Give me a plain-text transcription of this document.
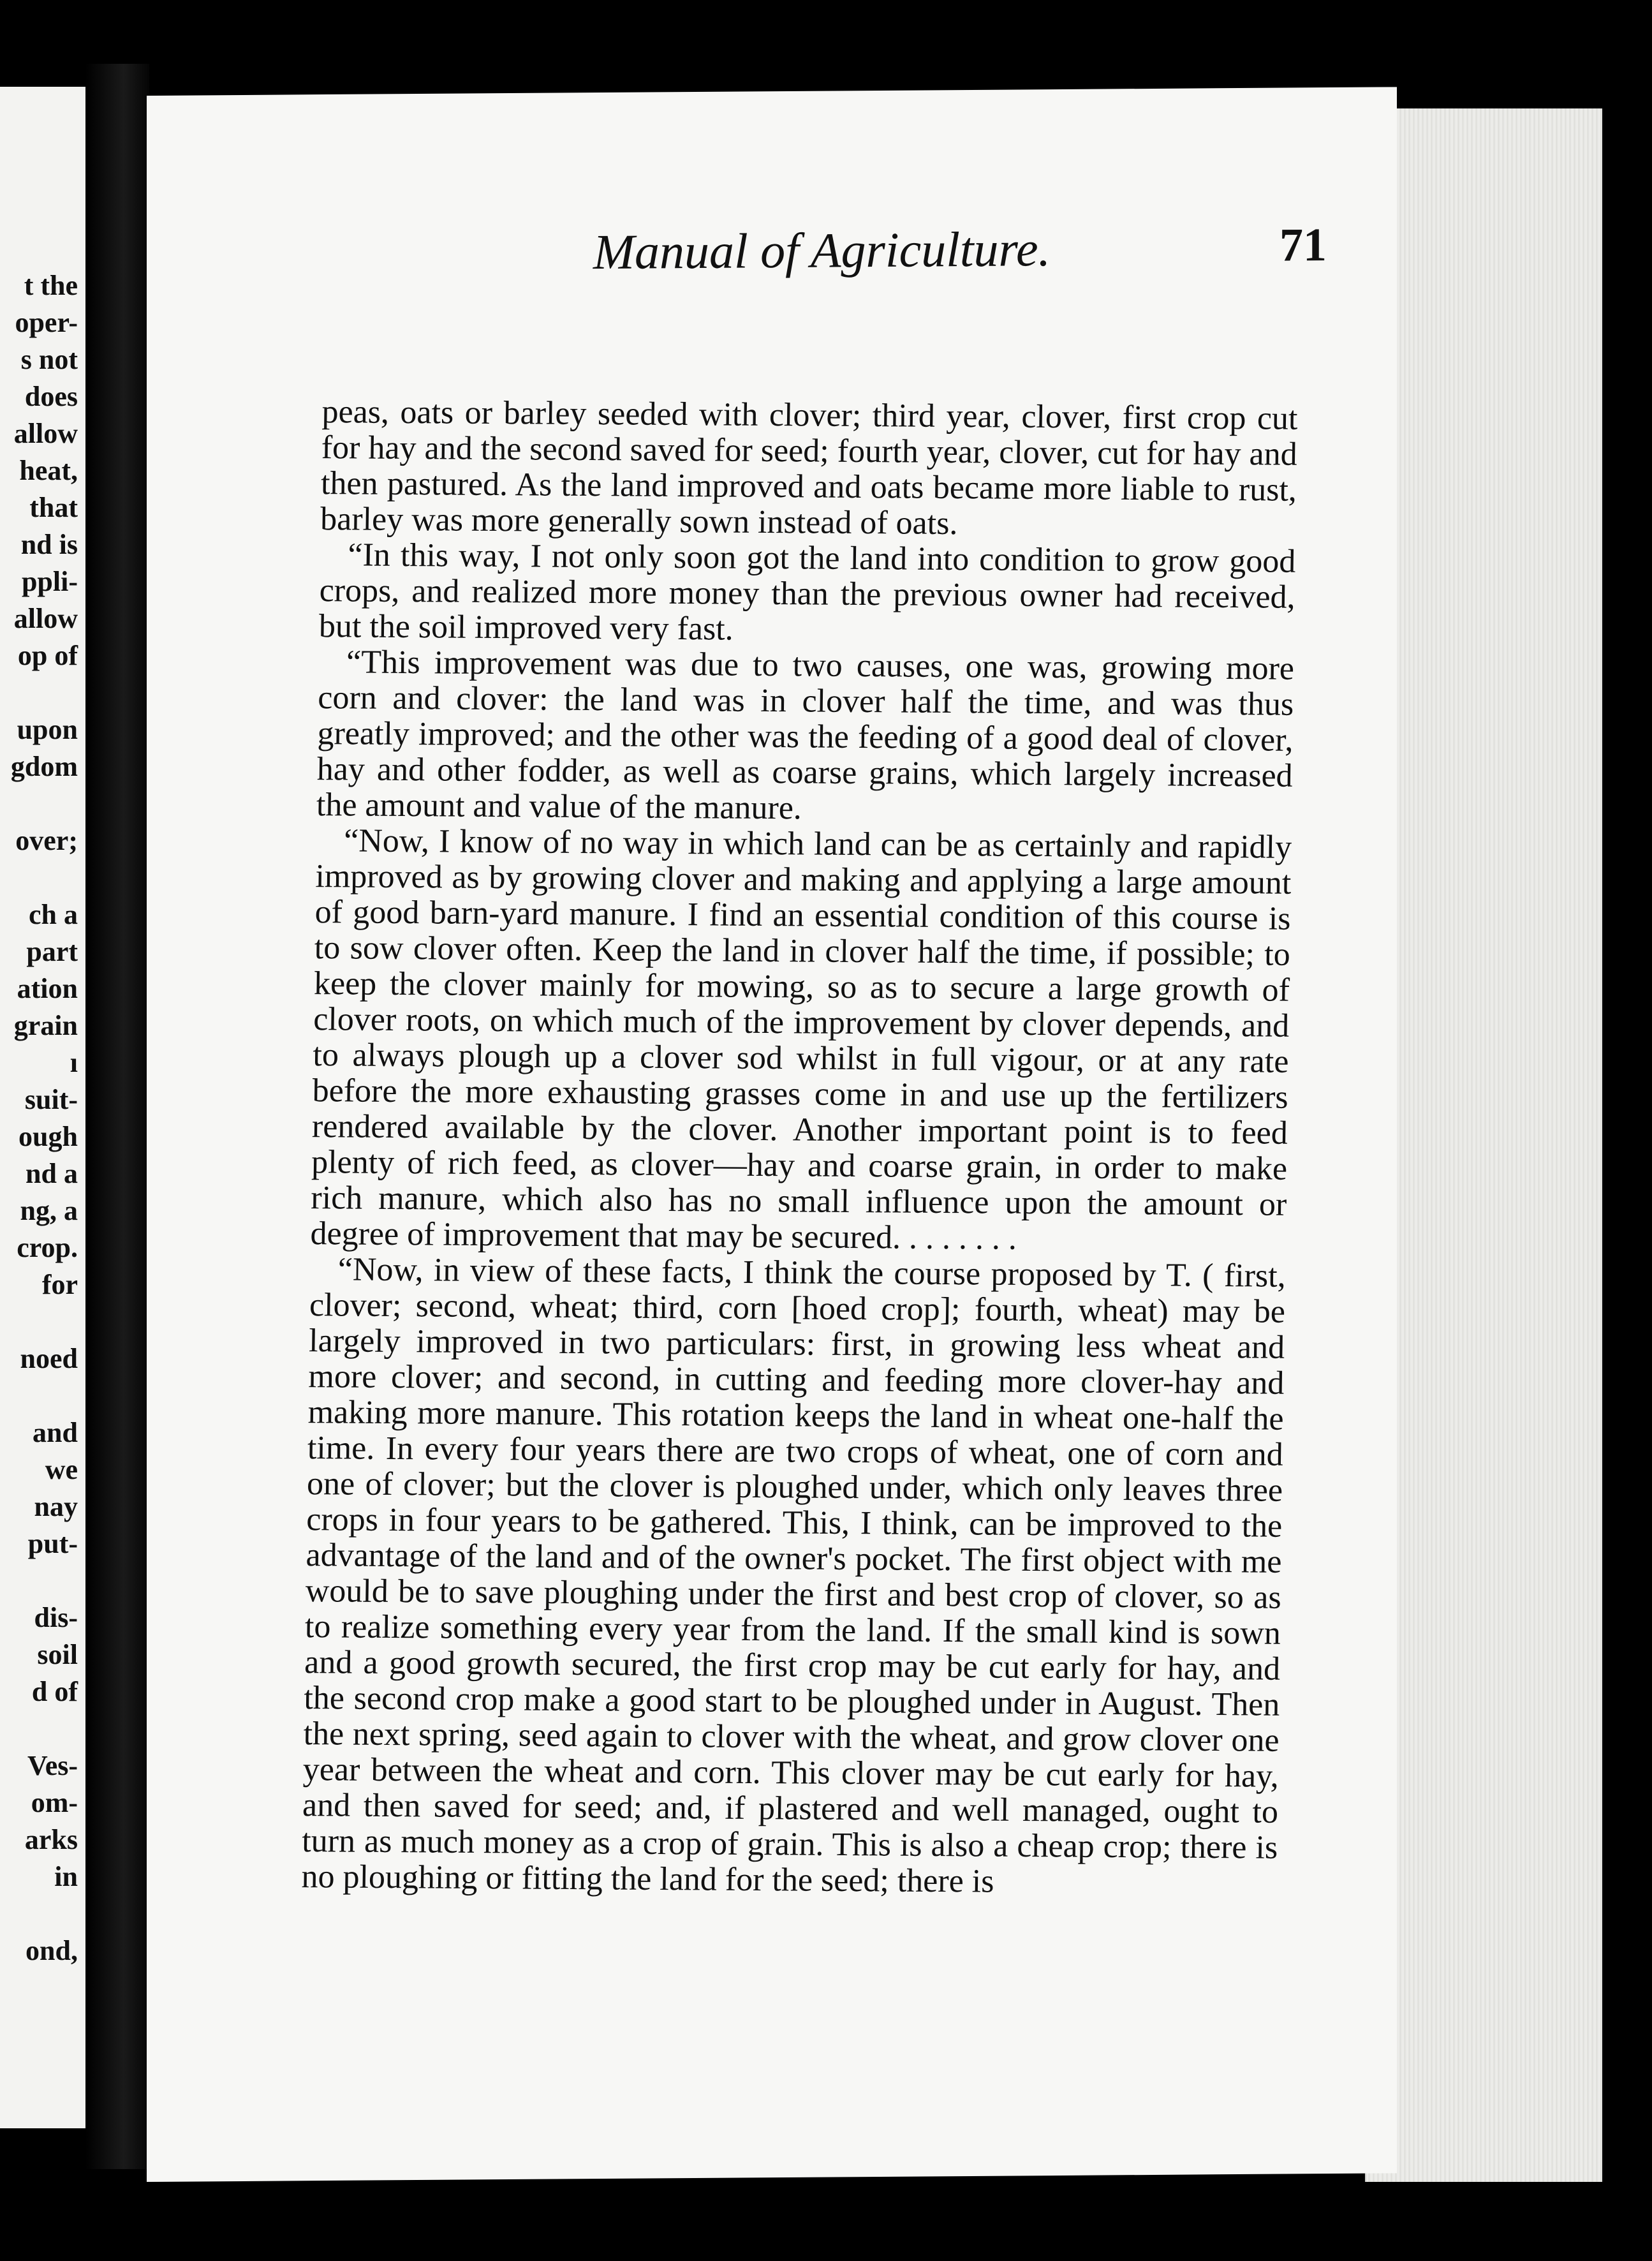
t the
oper-
s not
does
allow
heat,
that
nd is
ppli-
allow
op of
upon
gdom
over;
ch a
part
ation
grain
ı
suit-
ough
nd a
ng, a
crop.
for
noed
and
we
nay
put-
dis-
soil
d of
Ves-
om-
arks
in
ond,
Manual of Agriculture.	71

peas, oats or barley seeded with clover; third year, clover, first crop cut for hay and the second saved for seed; fourth year, clover, cut for hay and then pastured. As the land improved and oats became more liable to rust, barley was more generally sown instead of oats.

“In this way, I not only soon got the land into condition to grow good crops, and realized more money than the previous owner had received, but the soil improved very fast.

“This improvement was due to two causes, one was, growing more corn and clover: the land was in clover half the time, and was thus greatly improved; and the other was the feeding of a good deal of clover, hay and other fodder, as well as coarse grains, which largely increased the amount and value of the manure.

“Now, I know of no way in which land can be as certainly and rapidly improved as by growing clover and making and applying a large amount of good barn-yard manure. I find an essential condition of this course is to sow clover often. Keep the land in clover half the time, if possible; to keep the clover mainly for mowing, so as to secure a large growth of clover roots, on which much of the improvement by clover depends, and to always plough up a clover sod whilst in full vigour, or at any rate before the more exhausting grasses come in and use up the fertilizers rendered available by the clover. Another important point is to feed plenty of rich feed, as clover—hay and coarse grain, in order to make rich manure, which also has no small influence upon the amount or degree of improvement that may be secured. . . . . . . .

“Now, in view of these facts, I think the course proposed by T. ( first, clover; second, wheat; third, corn [hoed crop]; fourth, wheat) may be largely improved in two particulars: first, in growing less wheat and more clover; and second, in cutting and feeding more clover-hay and making more manure. This rotation keeps the land in wheat one-half the time. In every four years there are two crops of wheat, one of corn and one of clover; but the clover is ploughed under, which only leaves three crops in four years to be gathered. This, I think, can be improved to the advantage of the land and of the owner's pocket. The first object with me would be to save ploughing under the first and best crop of clover, so as to realize something every year from the land. If the small kind is sown and a good growth secured, the first crop may be cut early for hay, and the second crop make a good start to be ploughed under in August. Then the next spring, seed again to clover with the wheat, and grow clover one year between the wheat and corn. This clover may be cut early for hay, and then saved for seed; and, if plastered and well managed, ought to turn as much money as a crop of grain. This is also a cheap crop; there is no ploughing or fitting the land for the seed; there is
